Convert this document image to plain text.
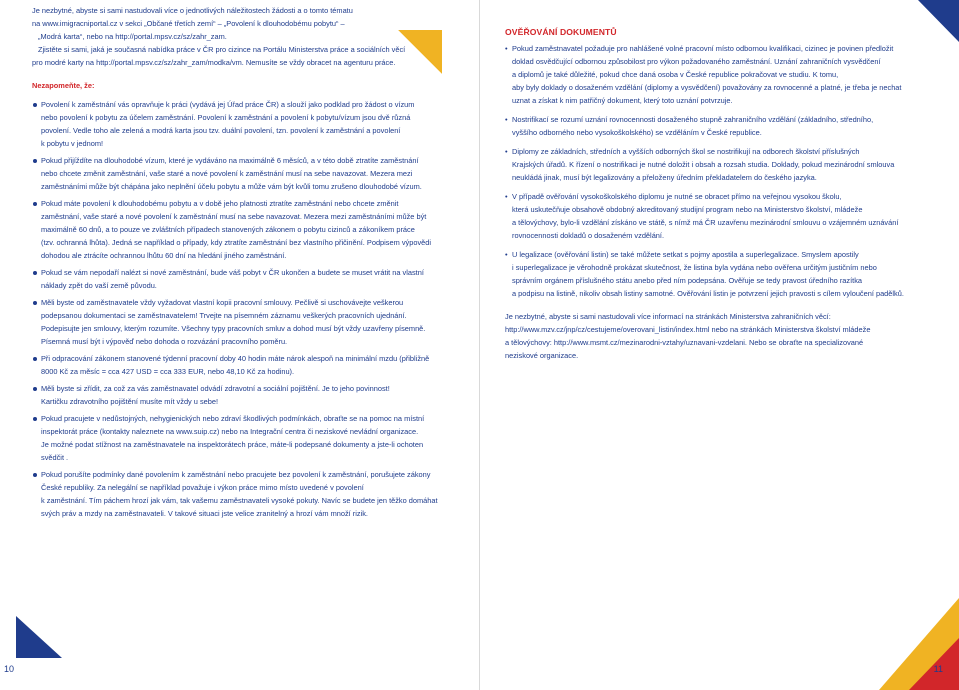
Je nezbytné, abyste si sami nastudovali více o jednotlivých náležitostech žádosti a o tomto tématu
na www.imigracniportal.cz v sekci „Občané třetích zemí“ – „Povolení k dlouhodobému pobytu“ –
„Modrá karta“, nebo na http://portal.mpsv.cz/sz/zahr_zam.
Zjistěte si sami, jaká je současná nabídka práce v ČR pro cizince na Portálu Ministerstva práce a sociálních věcí
pro modré karty na http://portal.mpsv.cz/sz/zahr_zam/modka/vm. Nemusíte se vždy obracet na agenturu práce.
Nezapomeňte, že:
Povolení k zaměstnání vás opravňuje k práci (vydává jej Úřad práce ČR) a slouží jako podklad pro žádost o vízum
nebo povolení k pobytu za účelem zaměstnání. Povolení k zaměstnání a povolení k pobytu/vízum jsou dvě různá
povolení. Vedle toho ale zelená a modrá karta jsou tzv. duální povolení, tzn. povolení k zaměstnání a povolení
k pobytu v jednom!
Pokud přijíždíte na dlouhodobé vízum, které je vydáváno na maximálně 6 měsíců, a v této době ztratíte zaměstnání
nebo chcete změnit zaměstnání, vaše staré a nové povolení k zaměstnání musí na sebe navazovat. Mezera mezi
zaměstnáními může být chápána jako neplnění účelu pobytu a může vám být kvůli tomu zrušeno dlouhodobé vízum.
Pokud máte povolení k dlouhodobému pobytu a v době jeho platnosti ztratíte zaměstnání nebo chcete změnit
zaměstnání, vaše staré a nové povolení k zaměstnání musí na sebe navazovat. Mezera mezi zaměstnáními může být
maximálně 60 dnů, a to pouze ve zvláštních případech stanovených zákonem o pobytu cizinců a zákoníkem práce
(tzv. ochranná lhůta). Jedná se například o případy, kdy ztratíte zaměstnání bez vlastního přičinění. Podpisem výpovědi
dohodou ale ztrácíte ochrannou lhůtu 60 dní na hledání jiného zaměstnání.
Pokud se vám nepodaří nalézt si nové zaměstnání, bude váš pobyt v ČR ukončen a budete se muset vrátit na vlastní
náklady zpět do vaší země původu.
Měli byste od zaměstnavatele vždy vyžadovat vlastní kopii pracovní smlouvy. Pečlivě si uschovávejte veškerou
podepsanou dokumentaci se zaměstnavatelem! Trvejte na písemném záznamu veškerých pracovních ujednání.
Podepisujte jen smlouvy, kterým rozumíte. Všechny typy pracovních smluv a dohod musí být vždy uzavřeny písemně.
Písemná musí být i výpověď nebo dohoda o rozvázání pracovního poměru.
Při odpracování zákonem stanovené týdenní pracovní doby 40 hodin máte nárok alespoň na minimální mzdu (přibližně
8000 Kč za měsíc = cca 427 USD = cca 333 EUR, nebo 48,10 Kč za hodinu).
Měli byste si zřídit, za což za vás zaměstnavatel odvádí zdravotní a sociální pojištění. Je to jeho povinnost!
Kartičku zdravotního pojištění musíte mít vždy u sebe!
Pokud pracujete v nedůstojných, nehygienických nebo zdraví škodlivých podmínkách, obraťte se na pomoc na místní
inspektorát práce (kontakty naleznete na www.suip.cz) nebo na Integrační centra či neziskové nevládní organizace.
Je možné podat stížnost na zaměstnavatele na inspektorátech práce, máte-li podepsané dokumenty a jste-li ochoten
svědčit .
Pokud porušíte podmínky dané povolením k zaměstnání nebo pracujete bez povolení k zaměstnání, porušujete zákony
České republiky. Za nelegální se například považuje i výkon práce mimo místo uvedené v povolení
k zaměstnání. Tím páchem hrozí jak vám, tak vašemu zaměstnavateli vysoké pokuty. Navíc se budete jen těžko domáhat
svých práv a mzdy na zaměstnavateli. V takové situaci jste velice zranitelný a hrozí vám množí rizik.
10
OVĚŘOVÁNÍ DOKUMENTŮ
• Pokud zaměstnavatel požaduje pro nahlášené volné pracovní místo odbornou kvalifikaci, cizinec je povinen předložit
doklad osvědčující odbornou způsobilost pro výkon požadovaného zaměstnání. Uznání zahraničních vysvědčení
a diplomů je také důležité, pokud chce daná osoba v České republice pokračovat ve studiu. K tomu,
aby byly doklady o dosaženém vzdělání (diplomy a vysvědčení) považovány za rovnocenné a platné, je třeba je nechat
uznat a získat k nim patřičný dokument, který toto uznání potvrzuje.
• Nostrifikací se rozumí uznání rovnocennosti dosaženého stupně zahraničního vzdělání (základního, středního,
vyššího odborného nebo vysokoškolského) se vzděláním v České republice.
• Diplomy ze základních, středních a vyšších odborných škol se nostrifikují na odborech školství příslušných
Krajských úřadů. K řízení o nostrifikaci je nutné doložit i obsah a rozsah studia. Doklady, pokud mezinárodní smlouva
neukládá jinak, musí být legalizovány a přeloženy úředním překladatelem do českého jazyka.
• V případě ověřování vysokoškolského diplomu je nutné se obracet přímo na veřejnou vysokou školu,
která uskutečňuje obsahově obdobný akreditovaný studijní program nebo na Ministerstvo školství, mládeže
a tělovýchovy, bylo-li vzdělání získáno ve státě, s nímž má ČR uzavřenu mezinárodní smlouvu o vzájemném uznávání
rovnocennosti dokladů o dosaženém vzdělání.
• U legalizace (ověřování listin) se také můžete setkat s pojmy apostila a superlegalizace. Smyslem apostily
i superlegalizace je věrohodně prokázat skutečnost, že listina byla vydána nebo ověřena určitým justičním nebo
správním orgánem příslušného státu anebo před ním podepsána. Ověřuje se tedy pravost úředního razítka
a podpisu na listině, nikoliv obsah listiny samotné. Ověřování listin je potvrzení jejich pravosti s cílem vyloučení padělků.
Je nezbytné, abyste si sami nastudovali více informací na stránkách Ministerstva zahraničních věcí:
http://www.mzv.cz/jnp/cz/cestujeme/overovani_listin/index.html nebo na stránkách Ministerstva školství mládeže
a tělovýchovy: http://www.msmt.cz/mezinarodni-vztahy/uznavani-vzdelani. Nebo se obraťte na specializované
neziskové organizace.
11
